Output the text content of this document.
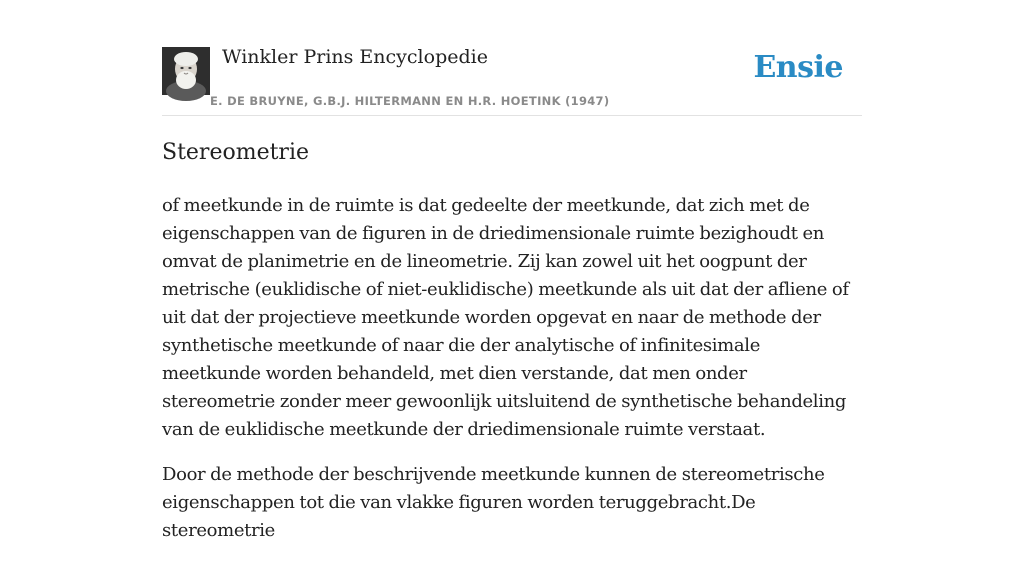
Winkler Prins Encyclopedie
E. DE BRUYNE, G.B.J. HILTERMANN EN H.R. HOETINK (1947)
Ensie
Stereometrie

of meetkunde in de ruimte is dat gedeelte der meetkunde, dat zich met de eigenschappen van de figuren in de driedimensionale ruimte bezighoudt en omvat de planimetrie en de lineometrie. Zij kan zowel uit het oogpunt der metrische (euklidische of niet-euklidische) meetkunde als uit dat der afliene of uit dat der projectieve meetkunde worden opgevat en naar de methode der synthetische meetkunde of naar die der analytische of infinitesimale meetkunde worden behandeld, met dien verstande, dat men onder stereometrie zonder meer gewoonlijk uitsluitend de synthetische behandeling van de euklidische meetkunde der driedimensionale ruimte verstaat.

Door de methode der beschrijvende meetkunde kunnen de stereometrische eigenschappen tot die van vlakke figuren worden teruggebracht.De stereometrie
